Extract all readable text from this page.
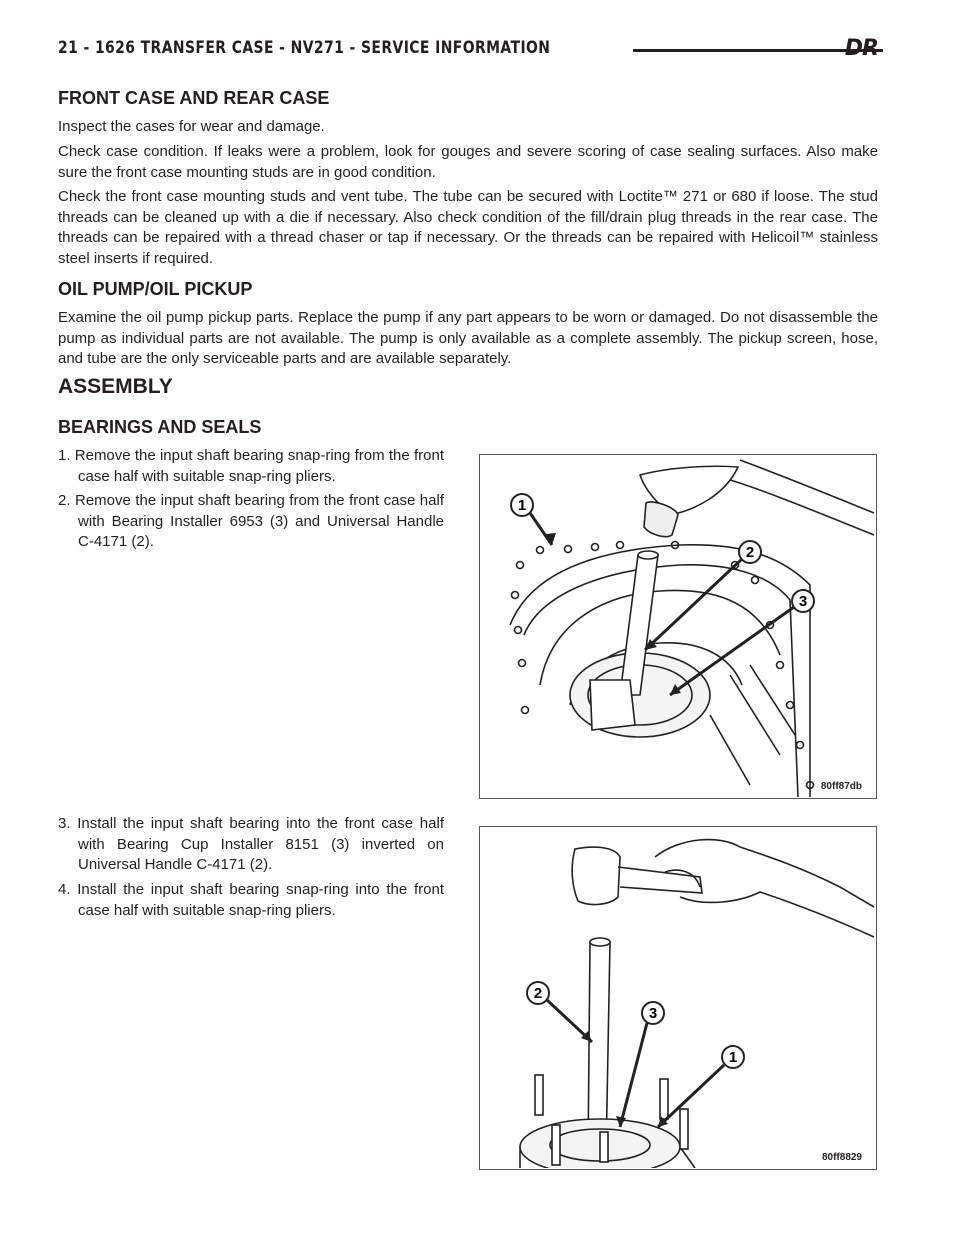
21 - 1626 TRANSFER CASE - NV271 - SERVICE INFORMATION	DR
FRONT CASE AND REAR CASE

Inspect the cases for wear and damage.

Check case condition. If leaks were a problem, look for gouges and severe scoring of case sealing surfaces. Also make sure the front case mounting studs are in good condition.

Check the front case mounting studs and vent tube. The tube can be secured with Loctite™ 271 or 680 if loose. The stud threads can be cleaned up with a die if necessary. Also check condition of the fill/drain plug threads in the rear case. The threads can be repaired with a thread chaser or tap if necessary. Or the threads can be repaired with Helicoil™ stainless steel inserts if required.

OIL PUMP/OIL PICKUP

Examine the oil pump pickup parts. Replace the pump if any part appears to be worn or damaged. Do not disassemble the pump as individual parts are not available. The pump is only available as a complete assembly. The pickup screen, hose, and tube are the only serviceable parts and are available separately.

ASSEMBLY
BEARINGS AND SEALS

1. Remove the input shaft bearing snap-ring from the front case half with suitable snap-ring pliers.

2. Remove the input shaft bearing from the front case half with Bearing Installer 6953 (3) and Universal Handle C-4171 (2).

3. Install the input shaft bearing into the front case half with Bearing Cup Installer 8151 (3) inverted on Universal Handle C-4171 (2).

4. Install the input shaft bearing snap-ring into the front case half with suitable snap-ring pliers.

1
2
3
80ff87db
2
3
1
80ff8829
